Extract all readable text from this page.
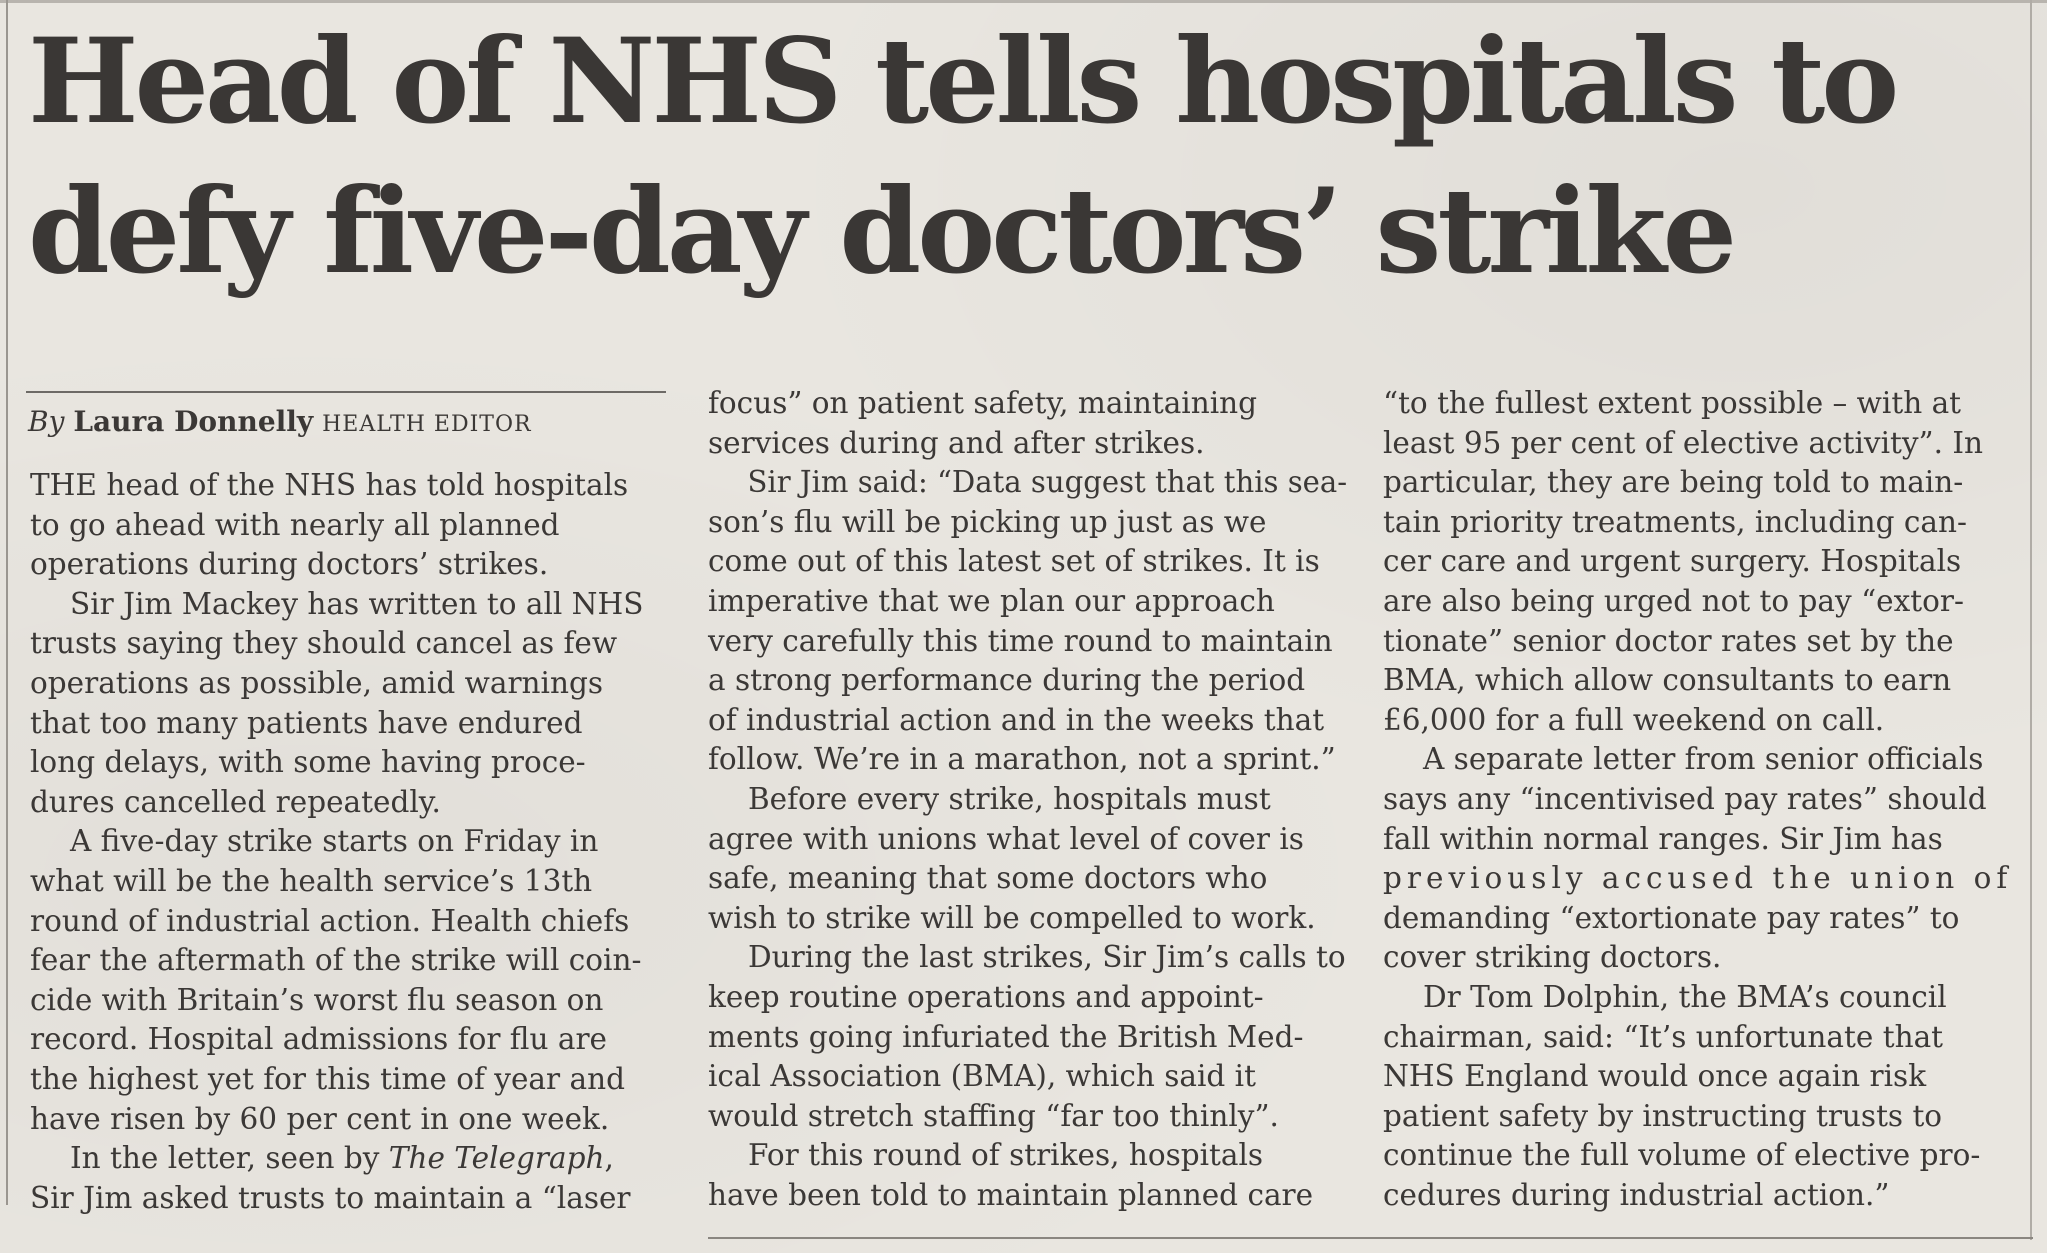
Head of NHS tells hospitals to
defy five-day doctors’ strike
By Laura Donnelly HEALTH EDITOR
THE head of the NHS has told hospitals
to go ahead with nearly all planned
operations during doctors’ strikes.
Sir Jim Mackey has written to all NHS
trusts saying they should cancel as few
operations as possible, amid warnings
that too many patients have endured
long delays, with some having proce-
dures cancelled repeatedly.
A five-day strike starts on Friday in
what will be the health service’s 13th
round of industrial action. Health chiefs
fear the aftermath of the strike will coin-
cide with Britain’s worst flu season on
record. Hospital admissions for flu are
the highest yet for this time of year and
have risen by 60 per cent in one week.
In the letter, seen by The Telegraph,
Sir Jim asked trusts to maintain a “laser
focus” on patient safety, maintaining
services during and after strikes.
Sir Jim said: “Data suggest that this sea-
son’s flu will be picking up just as we
come out of this latest set of strikes. It is
imperative that we plan our approach
very carefully this time round to maintain
a strong performance during the period
of industrial action and in the weeks that
follow. We’re in a marathon, not a sprint.”
Before every strike, hospitals must
agree with unions what level of cover is
safe, meaning that some doctors who
wish to strike will be compelled to work.
During the last strikes, Sir Jim’s calls to
keep routine operations and appoint-
ments going infuriated the British Med-
ical Association (BMA), which said it
would stretch staffing “far too thinly”.
For this round of strikes, hospitals
have been told to maintain planned care
“to the fullest extent possible – with at
least 95 per cent of elective activity”. In
particular, they are being told to main-
tain priority treatments, including can-
cer care and urgent surgery. Hospitals
are also being urged not to pay “extor-
tionate” senior doctor rates set by the
BMA, which allow consultants to earn
£6,000 for a full weekend on call.
A separate letter from senior officials
says any “incentivised pay rates” should
fall within normal ranges. Sir Jim has
previously accused the union of
demanding “extortionate pay rates” to
cover striking doctors.
Dr Tom Dolphin, the BMA’s council
chairman, said: “It’s unfortunate that
NHS England would once again risk
patient safety by instructing trusts to
continue the full volume of elective pro-
cedures during industrial action.”
